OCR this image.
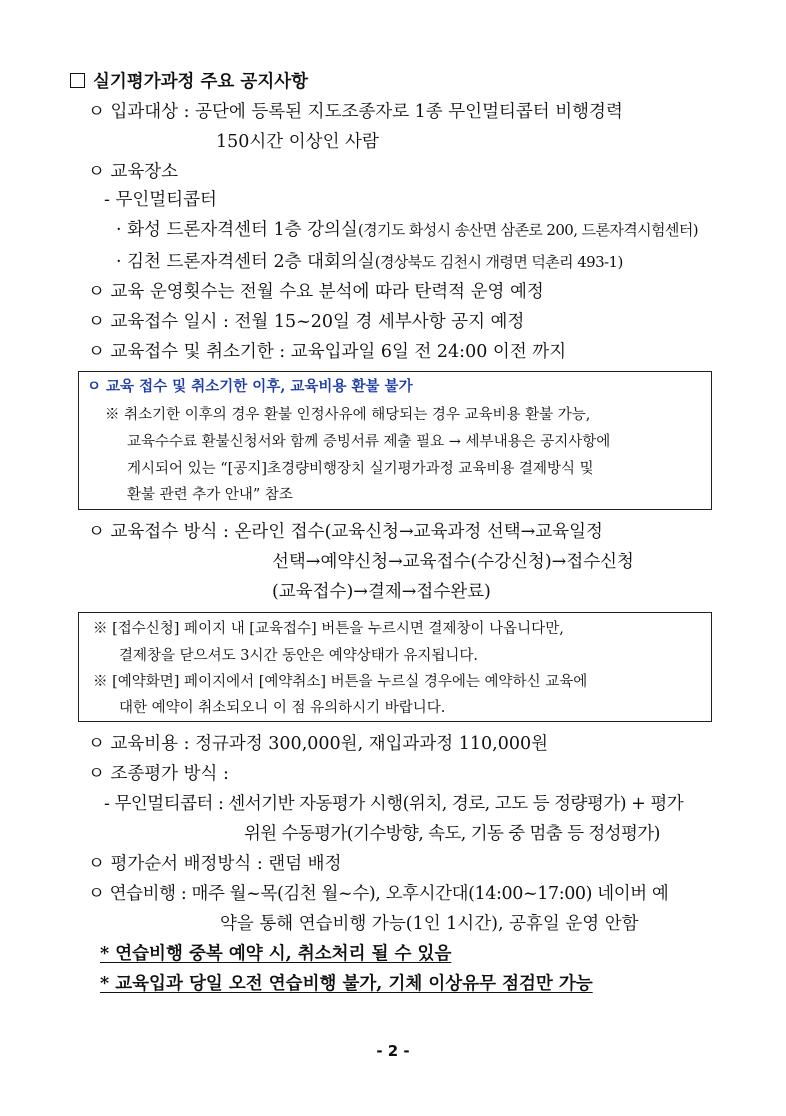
실기평가과정 주요 공지사항
ㅇ 입과대상 : 공단에 등록된 지도조종자로 1종 무인멀티콥터 비행경력
150시간 이상인 사람
ㅇ 교육장소
- 무인멀티콥터
· 화성 드론자격센터 1층 강의실(경기도 화성시 송산면 삼존로 200, 드론자격시험센터)
· 김천 드론자격센터 2층 대회의실(경상북도 김천시 개령면 덕촌리 493-1)
ㅇ 교육 운영횟수는 전월 수요 분석에 따라 탄력적 운영 예정
ㅇ 교육접수 일시 : 전월 15~20일 경 세부사항 공지 예정
ㅇ 교육접수 및 취소기한 : 교육입과일 6일 전 24:00 이전 까지
ㅇ 교육 접수 및 취소기한 이후, 교육비용 환불 불가
※ 취소기한 이후의 경우 환불 인정사유에 해당되는 경우 교육비용 환불 가능,
교육수수료 환불신청서와 함께 증빙서류 제출 필요 → 세부내용은 공지사항에
게시되어 있는 “[공지]초경량비행장치 실기평가과정 교육비용 결제방식 및
환불 관련 추가 안내” 참조
ㅇ 교육접수 방식 : 온라인 접수(교육신청→교육과정 선택→교육일정
선택→예약신청→교육접수(수강신청)→접수신청
(교육접수)→결제→접수완료)
※ [접수신청] 페이지 내 [교육접수] 버튼을 누르시면 결제창이 나옵니다만,
결제창을 닫으셔도 3시간 동안은 예약상태가 유지됩니다.
※ [예약화면] 페이지에서 [예약취소] 버튼을 누르실 경우에는 예약하신 교육에
대한 예약이 취소되오니 이 점 유의하시기 바랍니다.
ㅇ 교육비용 : 정규과정 300,000원, 재입과과정 110,000원
ㅇ 조종평가 방식 :
- 무인멀티콥터 : 센서기반 자동평가 시행(위치, 경로, 고도 등 정량평가) + 평가
위원 수동평가(기수방향, 속도, 기동 중 멈춤 등 정성평가)
ㅇ 평가순서 배정방식 : 랜덤 배정
ㅇ 연습비행 : 매주 월~목(김천 월~수), 오후시간대(14:00~17:00) 네이버 예
약을 통해 연습비행 가능(1인 1시간), 공휴일 운영 안함
* 연습비행 중복 예약 시, 취소처리 될 수 있음
* 교육입과 당일 오전 연습비행 불가, 기체 이상유무 점검만 가능
- 2 -
